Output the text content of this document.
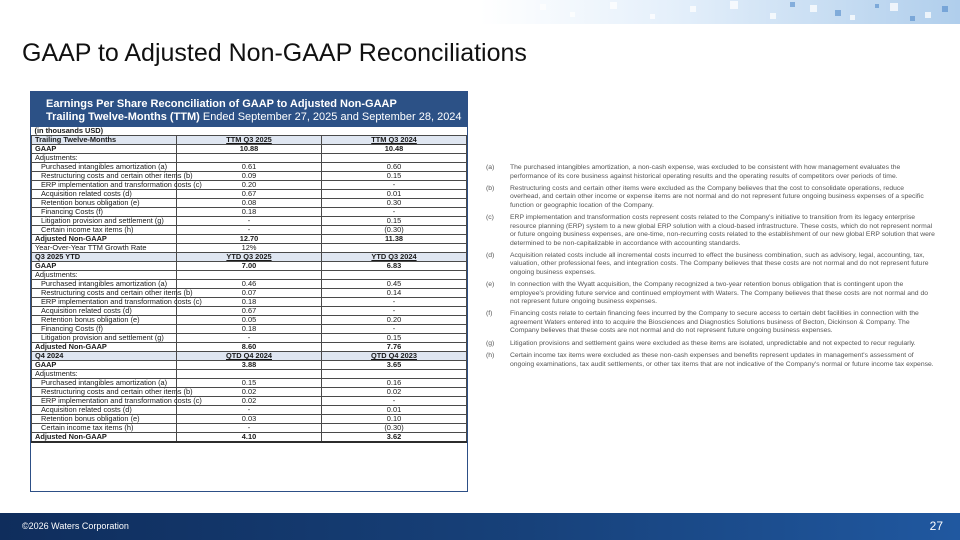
GAAP to Adjusted Non-GAAP Reconciliations
Earnings Per Share Reconciliation of GAAP to Adjusted Non-GAAP
Trailing Twelve-Months (TTM) Ended September 27, 2025 and September 28, 2024
(in thousands USD)		
Trailing Twelve-Months	TTM Q3 2025	TTM Q3 2024
GAAP	10.88	10.48
Adjustments:		
Purchased intangibles amortization (a)	0.61	0.60
Restructuring costs and certain other items (b)	0.09	0.15
ERP implementation and transformation costs (c)	0.20	-
Acquisition related costs (d)	0.67	0.01
Retention bonus obligation (e)	0.08	0.30
Financing Costs (f)	0.18	-
Litigation provision and settlement (g)	-	0.15
Certain income tax items (h)	-	(0.30)
Adjusted Non-GAAP	12.70	11.38
Year-Over-Year TTM Growth Rate	12%	
Q3 2025 YTD	YTD Q3 2025	YTD Q3 2024
GAAP	7.00	6.83
Adjustments:		
Purchased intangibles amortization (a)	0.46	0.45
Restructuring costs and certain other items (b)	0.07	0.14
ERP implementation and transformation costs (c)	0.18	-
Acquisition related costs (d)	0.67	-
Retention bonus obligation (e)	0.05	0.20
Financing Costs (f)	0.18	-
Litigation provision and settlement (g)	-	0.15
Adjusted Non-GAAP	8.60	7.76
Q4 2024	QTD Q4 2024	QTD Q4 2023
GAAP	3.88	3.65
Adjustments:		
Purchased intangibles amortization (a)	0.15	0.16
Restructuring costs and certain other items (b)	0.02	0.02
ERP implementation and transformation costs (c)	0.02	-
Acquisition related costs (d)	-	0.01
Retention bonus obligation (e)	0.03	0.10
Certain income tax items (h)	-	(0.30)
Adjusted Non-GAAP	4.10	3.62
(a)	The purchased intangibles amortization, a non-cash expense, was excluded to be consistent with how management evaluates the performance of its core business against historical operating results and the operating results of competitors over periods of time.
(b)	Restructuring costs and certain other items were excluded as the Company believes that the cost to consolidate operations, reduce overhead, and certain other income or expense items are not normal and do not represent future ongoing business expenses of a specific function or geographic location of the Company.
(c)	ERP implementation and transformation costs represent costs related to the Company's initiative to transition from its legacy enterprise resource planning (ERP) system to a new global ERP solution with a cloud-based infrastructure. These costs, which do not represent normal or future ongoing business expenses, are one-time, non-recurring costs related to the establishment of our new global ERP solution that were determined to be non-capitalizable in accordance with accounting standards.
(d)	Acquisition related costs include all incremental costs incurred to effect the business combination, such as advisory, legal, accounting, tax, valuation, other professional fees, and integration costs. The Company believes that these costs are not normal and do not represent future ongoing business expenses.
(e)	In connection with the Wyatt acquisition, the Company recognized a two-year retention bonus obligation that is contingent upon the employee's providing future service and continued employment with Waters. The Company believes that these costs are not normal and do not represent future ongoing business expenses.
(f)	Financing costs relate to certain financing fees incurred by the Company to secure access to certain debt facilities in connection with the agreement Waters entered into to acquire the Biosciences and Diagnostics Solutions business of Becton, Dickinson & Company. The Company believes that these costs are not normal and do not represent future ongoing business expenses.
(g)	Litigation provisions and settlement gains were excluded as these items are isolated, unpredictable and not expected to recur regularly.
(h)	Certain income tax items were excluded as these non-cash expenses and benefits represent updates in management's assessment of ongoing examinations, tax audit settlements, or other tax items that are not indicative of the Company's normal or future income tax expense.
©2026 Waters Corporation	27
